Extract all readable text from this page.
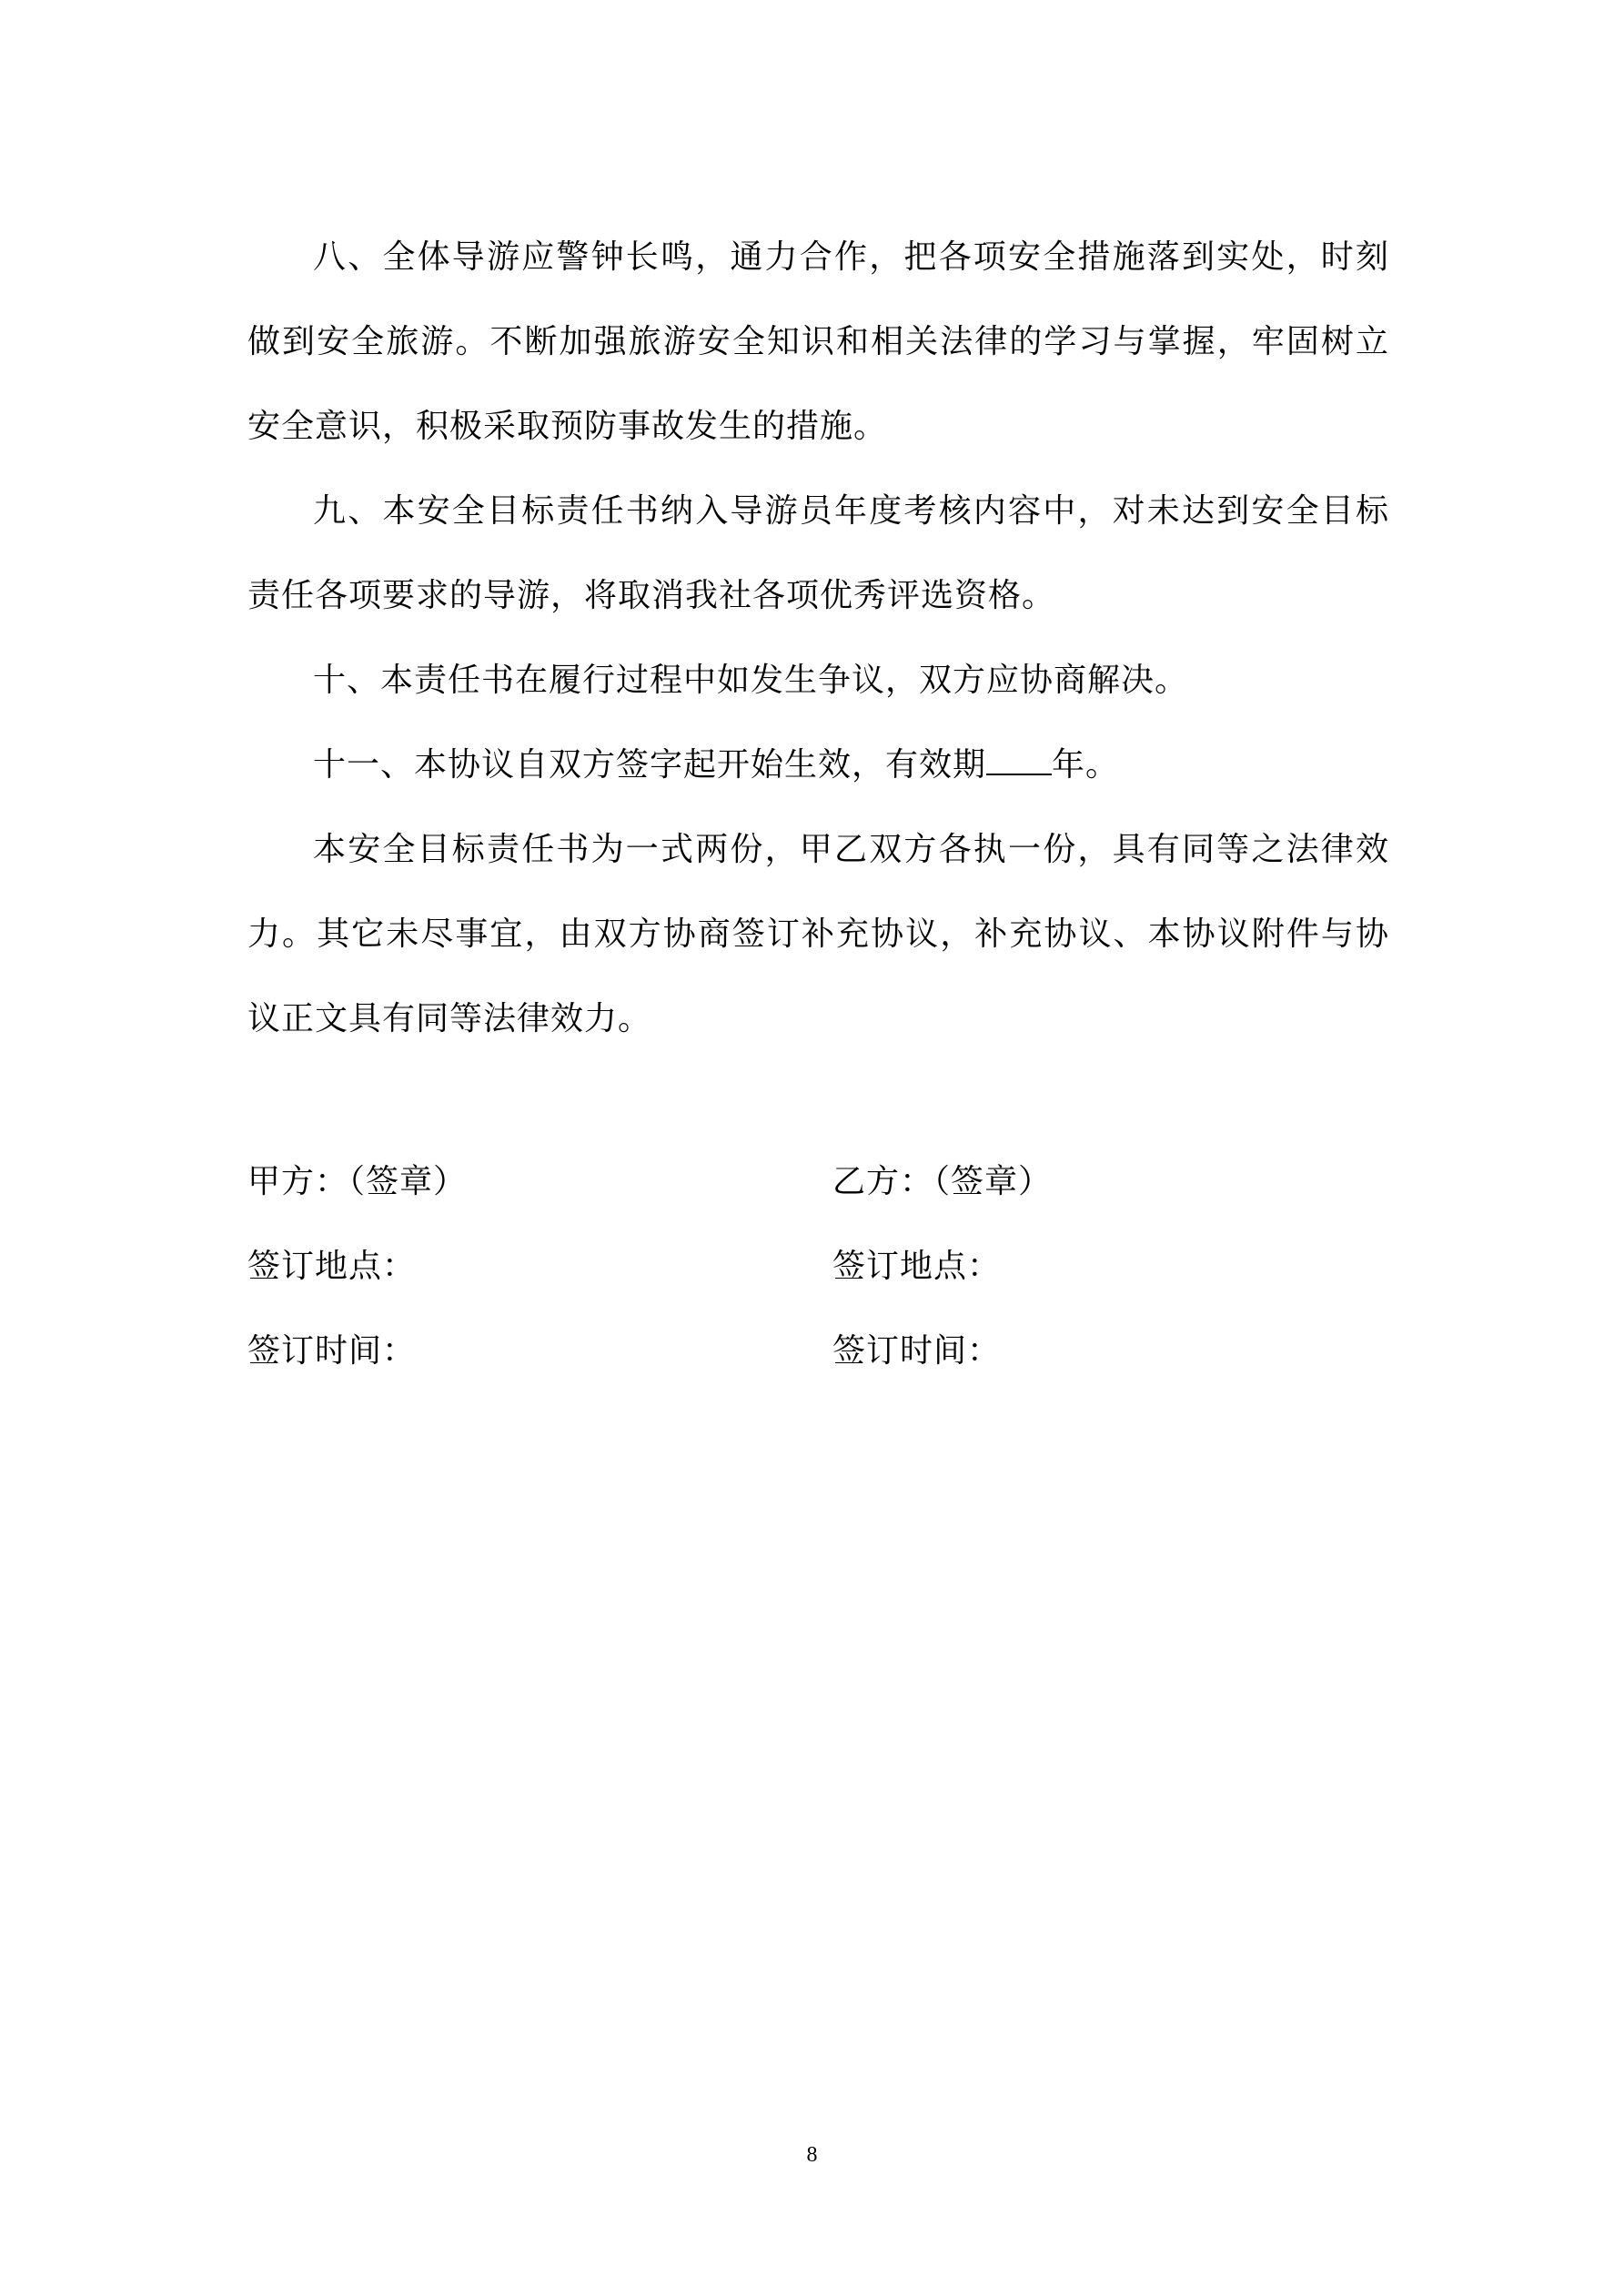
八、全体导游应警钟长鸣，通力合作，把各项安全措施落到实处，时刻做到安全旅游。不断加强旅游安全知识和相关法律的学习与掌握，牢固树立安全意识，积极采取预防事故发生的措施。

九、本安全目标责任书纳入导游员年度考核内容中，对未达到安全目标责任各项要求的导游，将取消我社各项优秀评选资格。

十、本责任书在履行过程中如发生争议，双方应协商解决。

十一、本协议自双方签字起开始生效，有效期 年。

本安全目标责任书为一式两份，甲乙双方各执一份，具有同等之法律效力。其它未尽事宜，由双方协商签订补充协议，补充协议、本协议附件与协议正文具有同等法律效力。

甲方：（签章）	乙方：（签章）
签订地点：	签订地点：
签订时间：	签订时间：
8
